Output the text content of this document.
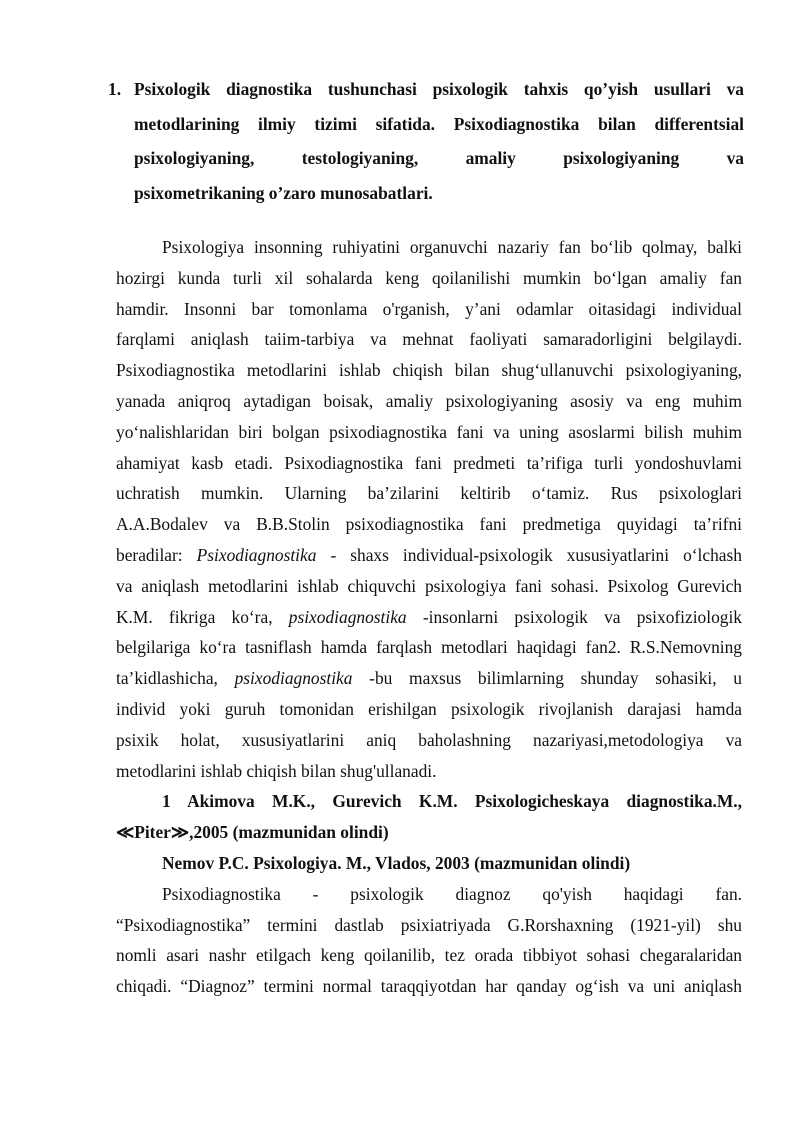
1. Psixologik diagnostika tushunchasi psixologik tahxis qo’yish usullari va
metodlarining ilmiy tizimi sifatida. Psixodiagnostika bilan differentsial
psixologiyaning, testologiyaning, amaliy psixologiyaning va
psixometrikaning o’zaro munosabatlari.
Psixologiya insonning ruhiyatini organuvchi nazariy fan bo‘lib qolmay, balki
hozirgi kunda turli xil sohalarda keng qoilanilishi mumkin bo‘lgan amaliy fan
hamdir. Insonni bar tomonlama o'rganish, y’ani odamlar oitasidagi individual
farqlami aniqlash taiim-tarbiya va mehnat faoliyati samaradorligini belgilaydi.
Psixodiagnostika metodlarini ishlab chiqish bilan shug‘ullanuvchi psixologiyaning,
yanada aniqroq aytadigan boisak, amaliy psixologiyaning asosiy va eng muhim
yo‘nalishlaridan biri bolgan psixodiagnostika fani va uning asoslarmi bilish muhim
ahamiyat kasb etadi. Psixodiagnostika fani predmeti ta’rifiga turli yondoshuvlami
uchratish mumkin. Ularning ba’zilarini keltirib o‘tamiz. Rus psixologlari
A.A.Bodalev va B.B.Stolin psixodiagnostika fani predmetiga quyidagi ta’rifni
beradilar: Psixodiagnostika - shaxs individual-psixologik xususiyatlarini o‘lchash
va aniqlash metodlarini ishlab chiquvchi psixologiya fani sohasi. Psixolog Gurevich
K.M. fikriga ko‘ra, psixodiagnostika -insonlarni psixologik va psixofiziologik
belgilariga ko‘ra tasniflash hamda farqlash metodlari haqidagi fan2. R.S.Nemovning
ta’kidlashicha, psixodiagnostika -bu maxsus bilimlarning shunday sohasiki, u
individ yoki guruh tomonidan erishilgan psixologik rivojlanish darajasi hamda
psixik holat, xususiyatlarini aniq baholashning nazariyasi,metodologiya va
metodlarini ishlab chiqish bilan shug'ullanadi.
1 Akimova M.K., Gurevich K.M. Psixologicheskaya diagnostika.M.,
≪Piter≫,2005 (mazmunidan olindi)
Nemov P.C. Psixologiya. M., Vlados, 2003 (mazmunidan olindi)
Psixodiagnostika - psixologik diagnoz qo'yish haqidagi fan.
“Psixodiagnostika” termini dastlab psixiatriyada G.Rorshaxning (1921-yil) shu
nomli asari nashr etilgach keng qoilanilib, tez orada tibbiyot sohasi chegaralaridan
chiqadi. “Diagnoz” termini normal taraqqiyotdan har qanday og‘ish va uni aniqlash
